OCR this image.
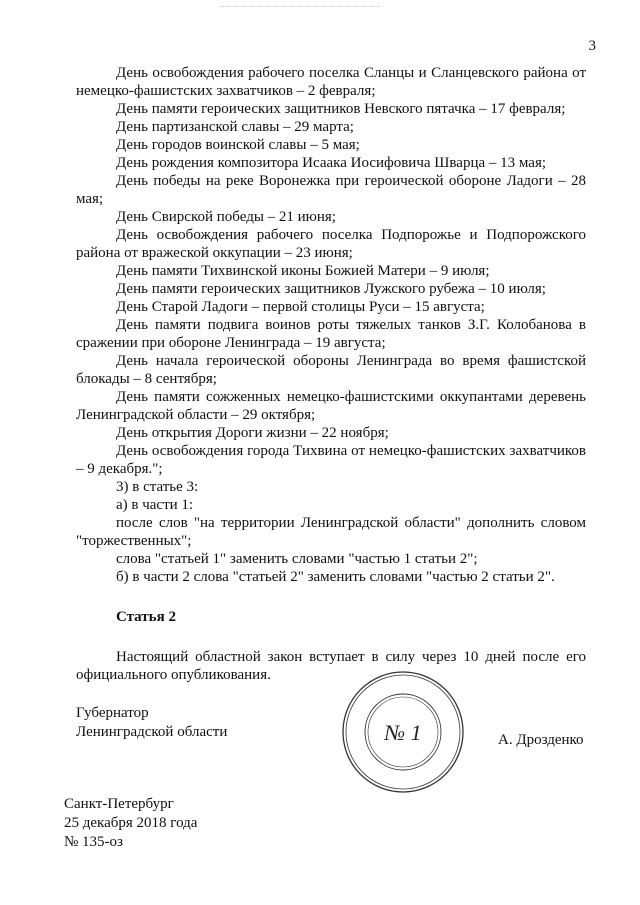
3

День освобождения рабочего поселка Сланцы и Сланцевского района от немецко-фашистских захватчиков – 2 февраля;

День памяти героических защитников Невского пятачка – 17 февраля;

День партизанской славы – 29 марта;

День городов воинской славы – 5 мая;

День рождения композитора Исаака Иосифовича Шварца – 13 мая;

День победы на реке Воронежка при героической обороне Ладоги – 28 мая;

День Свирской победы – 21 июня;

День освобождения рабочего поселка Подпорожье и Подпорожского района от вражеской оккупации – 23 июня;

День памяти Тихвинской иконы Божией Матери – 9 июля;

День памяти героических защитников Лужского рубежа – 10 июля;

День Старой Ладоги – первой столицы Руси – 15 августа;

День памяти подвига воинов роты тяжелых танков З.Г. Колобанова в сражении при обороне Ленинграда – 19 августа;

День начала героической обороны Ленинграда во время фашистской блокады – 8 сентября;

День памяти сожженных немецко-фашистскими оккупантами деревень Ленинградской области – 29 октября;

День открытия Дороги жизни – 22 ноября;

День освобождения города Тихвина от немецко-фашистских захватчиков – 9 декабря.";

3) в статье 3:

а) в части 1:

после слов "на территории Ленинградской области" дополнить словом "торжественных";

слова "статьей 1" заменить словами "частью 1 статьи 2";

б) в части 2 слова "статьей 2" заменить словами "частью 2 статьи 2".

Статья 2

Настоящий областной закон вступает в силу через 10 дней после его официального опубликования.

Губернатор
Ленинградской области	№ 1	А. Дрозденко
Санкт-Петербург
25 декабря 2018 года
№ 135-оз
